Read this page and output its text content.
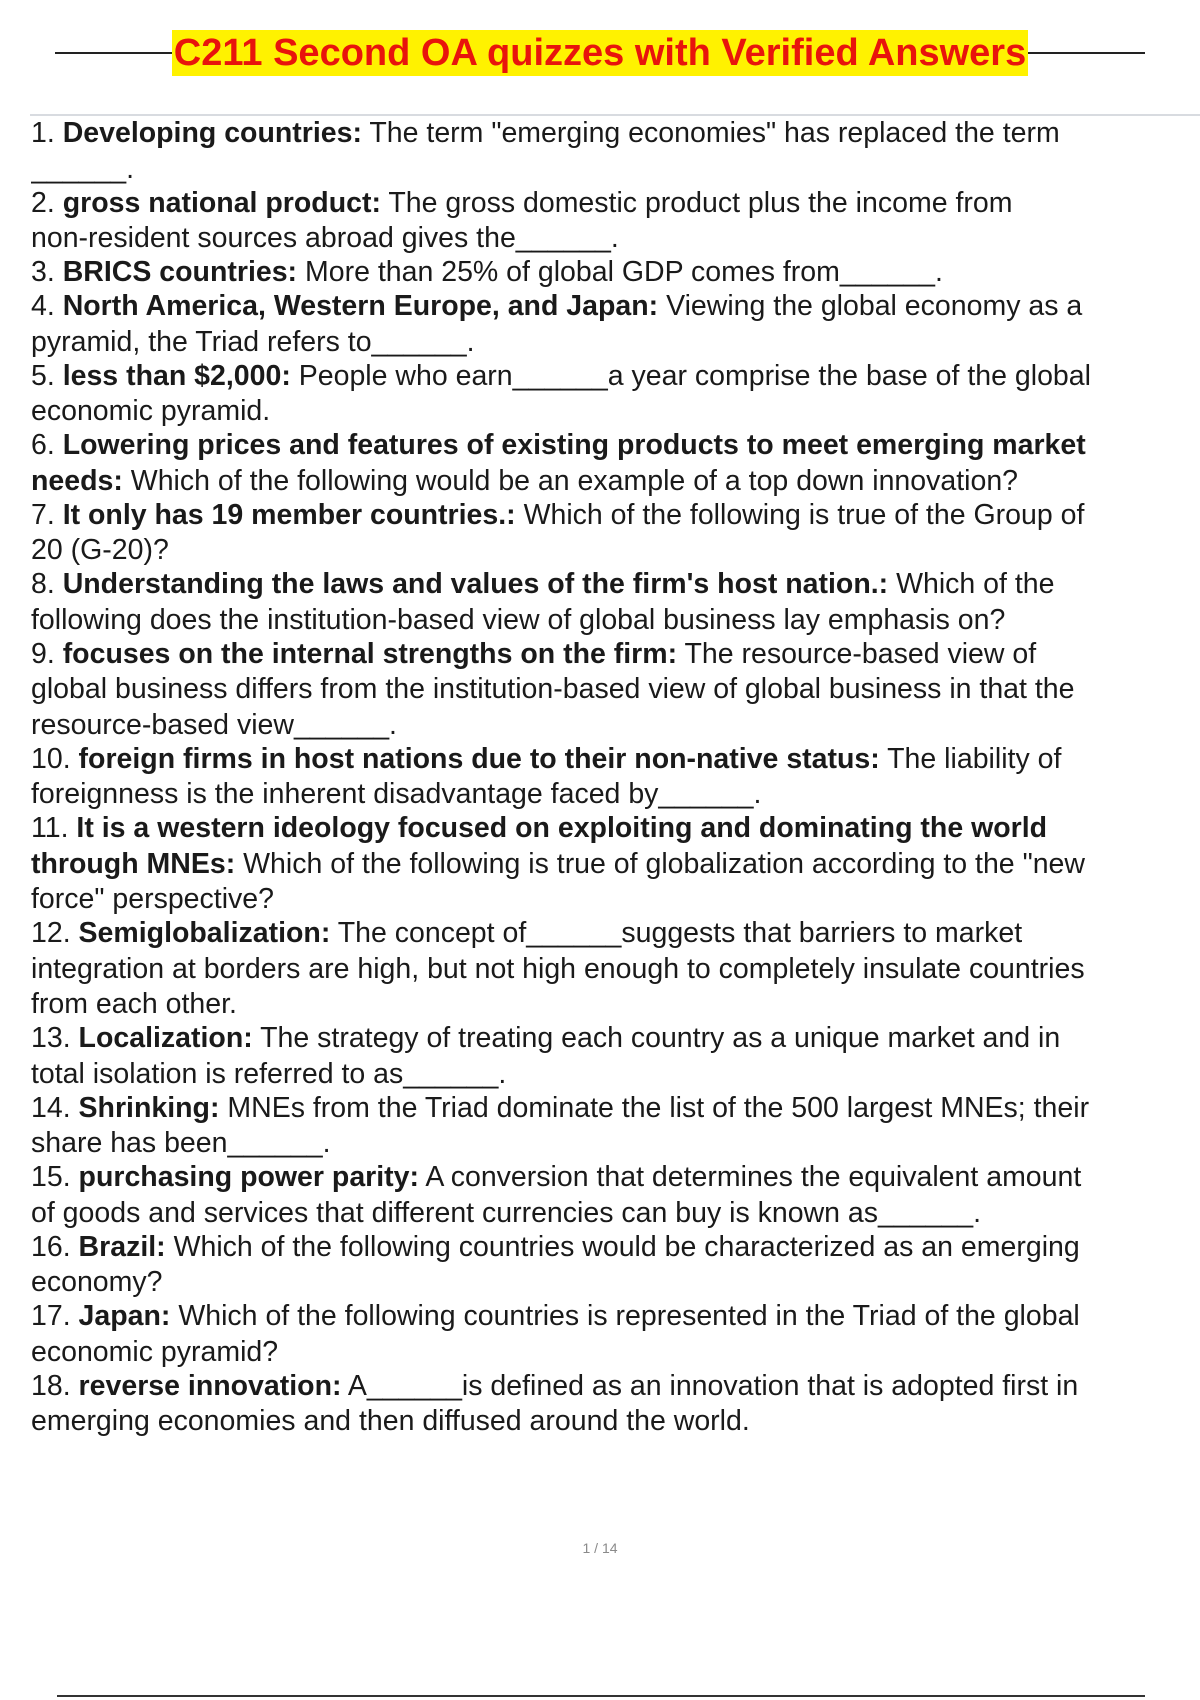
C211 Second OA quizzes with Verified Answers
1. Developing countries: The term "emerging economies" has replaced the term
______.
2. gross national product: The gross domestic product plus the income from
non-resident sources abroad gives the______.
3. BRICS countries: More than 25% of global GDP comes from______.
4. North America, Western Europe, and Japan: Viewing the global economy as a
pyramid, the Triad refers to______.
5. less than $2,000: People who earn______a year comprise the base of the global
economic pyramid.
6. Lowering prices and features of existing products to meet emerging market
needs: Which of the following would be an example of a top down innovation?
7. It only has 19 member countries.: Which of the following is true of the Group of
20 (G-20)?
8. Understanding the laws and values of the firm's host nation.: Which of the
following does the institution-based view of global business lay emphasis on?
9. focuses on the internal strengths on the firm: The resource-based view of
global business differs from the institution-based view of global business in that the
resource-based view______.
10. foreign firms in host nations due to their non-native status: The liability of
foreignness is the inherent disadvantage faced by______.
11. It is a western ideology focused on exploiting and dominating the world
through MNEs: Which of the following is true of globalization according to the "new
force" perspective?
12. Semiglobalization: The concept of______suggests that barriers to market
integration at borders are high, but not high enough to completely insulate countries
from each other.
13. Localization: The strategy of treating each country as a unique market and in
total isolation is referred to as______.
14. Shrinking: MNEs from the Triad dominate the list of the 500 largest MNEs; their
share has been______.
15. purchasing power parity: A conversion that determines the equivalent amount
of goods and services that different currencies can buy is known as______.
16. Brazil: Which of the following countries would be characterized as an emerging
economy?
17. Japan: Which of the following countries is represented in the Triad of the global
economic pyramid?
18. reverse innovation: A______is defined as an innovation that is adopted first in
emerging economies and then diffused around the world.
1 / 14
